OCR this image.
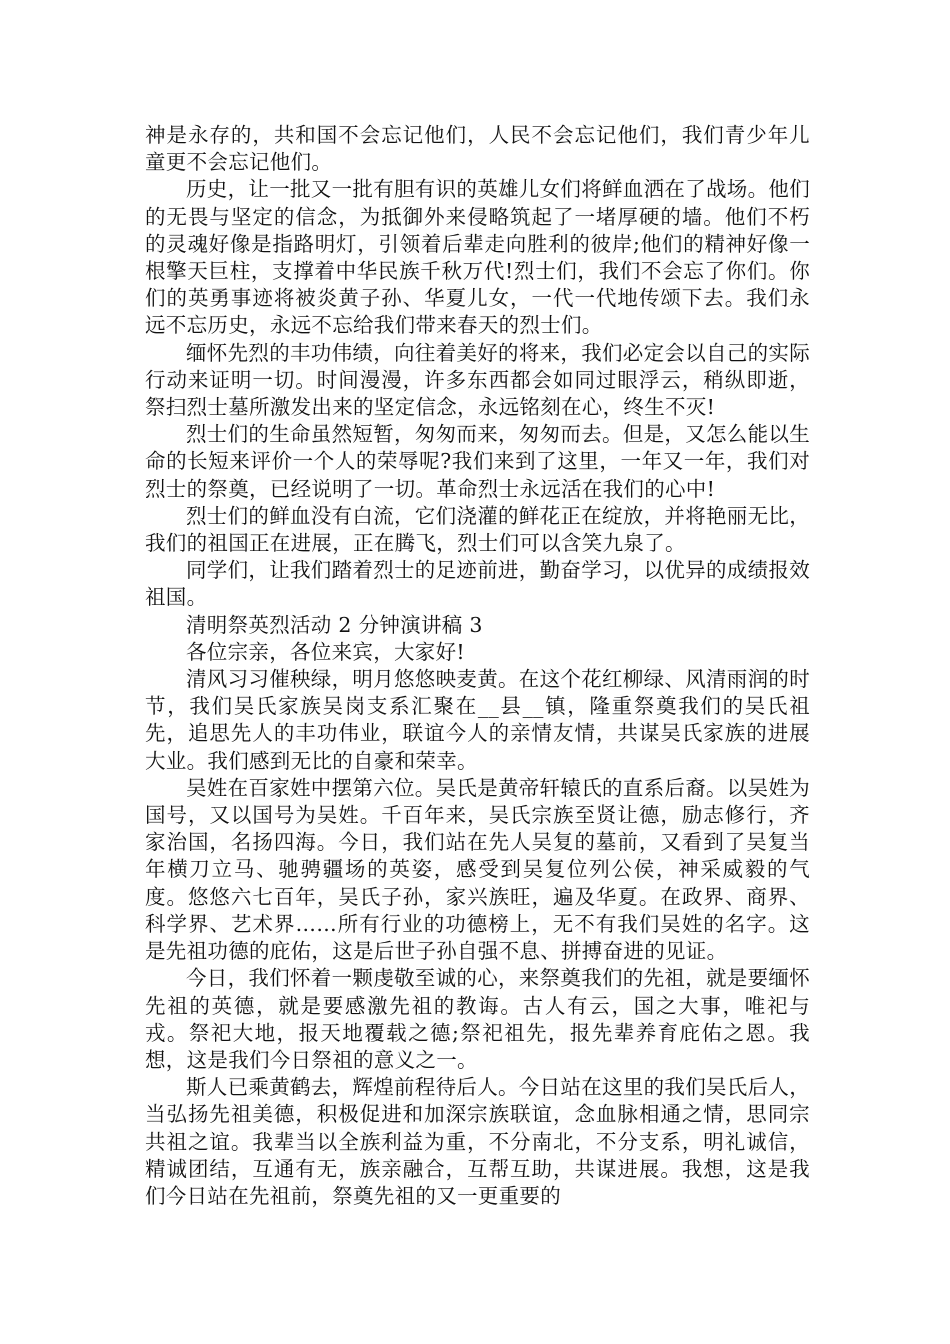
神是永存的，共和国不会忘记他们，人民不会忘记他们，我们青少年儿童更不会忘记他们。

历史，让一批又一批有胆有识的英雄儿女们将鲜血洒在了战场。他们的无畏与坚定的信念，为抵御外来侵略筑起了一堵厚硬的墙。他们不朽的灵魂好像是指路明灯，引领着后辈走向胜利的彼岸;他们的精神好像一根擎天巨柱，支撑着中华民族千秋万代!烈士们，我们不会忘了你们。你们的英勇事迹将被炎黄子孙、华夏儿女，一代一代地传颂下去。我们永远不忘历史，永远不忘给我们带来春天的烈士们。

缅怀先烈的丰功伟绩，向往着美好的将来，我们必定会以自己的实际行动来证明一切。时间漫漫，许多东西都会如同过眼浮云，稍纵即逝，祭扫烈士墓所激发出来的坚定信念，永远铭刻在心，终生不灭!

烈士们的生命虽然短暂，匆匆而来，匆匆而去。但是，又怎么能以生命的长短来评价一个人的荣辱呢?我们来到了这里，一年又一年，我们对烈士的祭奠，已经说明了一切。革命烈士永远活在我们的心中!

烈士们的鲜血没有白流，它们浇灌的鲜花正在绽放，并将艳丽无比，我们的祖国正在进展，正在腾飞，烈士们可以含笑九泉了。

同学们，让我们踏着烈士的足迹前进，勤奋学习，以优异的成绩报效祖国。

清明祭英烈活动 2 分钟演讲稿 3

各位宗亲，各位来宾，大家好!

清风习习催秧绿，明月悠悠映麦黄。在这个花红柳绿、风清雨润的时节，我们吴氏家族吴岗支系汇聚在__县__镇，隆重祭奠我们的吴氏祖先，追思先人的丰功伟业，联谊今人的亲情友情，共谋吴氏家族的进展大业。我们感到无比的自豪和荣幸。

吴姓在百家姓中摆第六位。吴氏是黄帝轩辕氏的直系后裔。以吴姓为国号，又以国号为吴姓。千百年来，吴氏宗族至贤让德，励志修行，齐家治国，名扬四海。今日，我们站在先人吴复的墓前，又看到了吴复当年横刀立马、驰骋疆场的英姿，感受到吴复位列公侯，神采威毅的气度。悠悠六七百年，吴氏子孙，家兴族旺，遍及华夏。在政界、商界、科学界、艺术界……所有行业的功德榜上，无不有我们吴姓的名字。这是先祖功德的庇佑，这是后世子孙自强不息、拼搏奋进的见证。

今日，我们怀着一颗虔敬至诚的心，来祭奠我们的先祖，就是要缅怀先祖的英德，就是要感激先祖的教诲。古人有云，国之大事，唯祀与戎。祭祀大地，报天地覆载之德;祭祀祖先，报先辈养育庇佑之恩。我想，这是我们今日祭祖的意义之一。

斯人已乘黄鹤去，辉煌前程待后人。今日站在这里的我们吴氏后人，当弘扬先祖美德，积极促进和加深宗族联谊，念血脉相通之情，思同宗共祖之谊。我辈当以全族利益为重，不分南北，不分支系，明礼诚信，精诚团结，互通有无，族亲融合，互帮互助，共谋进展。我想，这是我们今日站在先祖前，祭奠先祖的又一更重要的
